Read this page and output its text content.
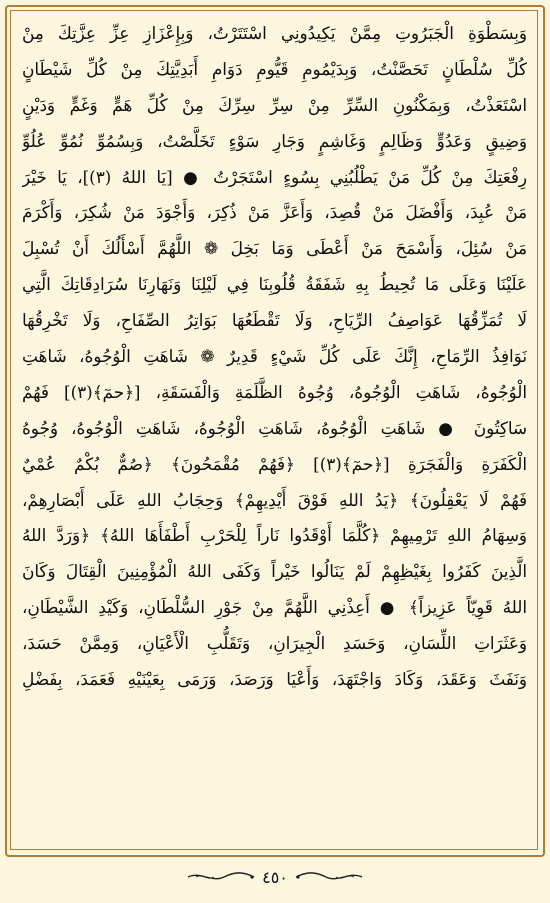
وَبِسَطْوَةِ الْجَبَرُوتِ مِمَّنْ يَكِيدُونِي اسْتَتَرْتُ، وَبِإِعْزَازِ عِزِّ عِزَّتِكَ مِنْ
كُلِّ سُلْطَانٍ تَحَصَّنْتُ، وَبِدَيْمُومِ قَيُّومِ دَوَامِ أَبَدِيَّتِكَ مِنْ كُلِّ شَيْطَانٍ
اسْتَعَذْتُ، وَبِمَكْنُونِ السِّرِّ مِنْ سِرِّ سِرِّكَ مِنْ كُلِّ هَمٍّ وَغَمٍّ وَدَيْنٍ
وَضِيقٍ وَعَدُوٍّ وَظَالِمٍ وَغَاشِمٍ وَجَارِ سَوْءٍ تَخَلَّصْتُ، وَبِسُمُوِّ نُمُوِّ عُلُوِّ
رِفْعَتِكَ مِنْ كُلِّ مَنْ يَطْلُبُنِي بِسُوءٍ اسْتَجَرْتُ ● [يَا اللهُ (٣)]، يَا خَيْرَ
مَنْ عُبِدَ، وَأَفْضَلَ مَنْ قُصِدَ، وَأَعَزَّ مَنْ ذُكِرَ، وَأَجْوَدَ مَنْ شُكِرَ، وَأَكْرَمَ
مَنْ سُئِلَ، وَأَسْمَحَ مَنْ أَعْطَى وَمَا بَخِلَ ❁ اللَّهُمَّ أَسْأَلُكَ أَنْ تُسْبِلَ
عَلَيْنَا وَعَلَى مَا تُحِيطُ بِهِ شَفَقَةُ قُلُوبِنَا فِي لَيْلِنَا وَنَهَارِنَا سُرَادِقَاتِكَ الَّتِي
لَا تُمَزِّقُهَا عَوَاصِفُ الرِّيَاحِ، وَلَا تَقْطَعُهَا بَوَاتِرُ الصِّفَاحِ، وَلَا تَخْرِقُهَا
نَوَافِذُ الرِّمَاحِ، إِنَّكَ عَلَى كُلِّ شَيْءٍ قَدِيرٌ ❁ شَاهَتِ الْوُجُوهُ، شَاهَتِ
الْوُجُوهُ، شَاهَتِ الْوُجُوهُ، وُجُوهُ الظَّلَمَةِ وَالْفَسَقَةِ، [﴿حمٓ﴾(٣)] فَهُمْ
سَاكِتُونَ ● شَاهَتِ الْوُجُوهُ، شَاهَتِ الْوُجُوهُ، شَاهَتِ الْوُجُوهُ، وُجُوهُ
الْكَفَرَةِ وَالْفَجَرَةِ [﴿حمٓ﴾(٣)] ﴿فَهُمْ مُقْمَحُونَ﴾ ﴿صُمٌّ بُكْمٌ عُمْيٌ
فَهُمْ لَا يَعْقِلُونَ﴾ ﴿يَدُ اللهِ فَوْقَ أَيْدِيهِمْ﴾ وَحِجَابُ اللهِ عَلَى أَبْصَارِهِمْ،
وَسِهَامُ اللهِ تَرْمِيهِمْ ﴿كُلَّمَا أَوْقَدُوا نَاراً لِلْحَرْبِ أَطْفَأَهَا اللهُ﴾ ﴿وَرَدَّ اللهُ
الَّذِينَ كَفَرُوا بِغَيْظِهِمْ لَمْ يَنَالُوا خَيْراً وَكَفَى اللهُ الْمُؤْمِنِينَ الْقِتَالَ وَكَانَ
اللهُ قَوِيّاً عَزِيزاً﴾ ● أَعِذْنِي اللَّهُمَّ مِنْ جَوْرِ السُّلْطَانِ، وَكَيْدِ الشَّيْطَانِ،
وَعَثَرَاتِ اللِّسَانِ، وَحَسَدِ الْجِيرَانِ، وَتَقَلُّبِ الْأَعْيَانِ، وَمِمَّنْ حَسَدَ،
وَنَفَثَ وَعَقَدَ، وَكَادَ وَاجْتَهَدَ، وَأَعْيَا وَرَصَدَ، وَرَمَى بِعَيْنَيْهِ فَعَمَدَ، بِفَضْلِ
٤٥٠
